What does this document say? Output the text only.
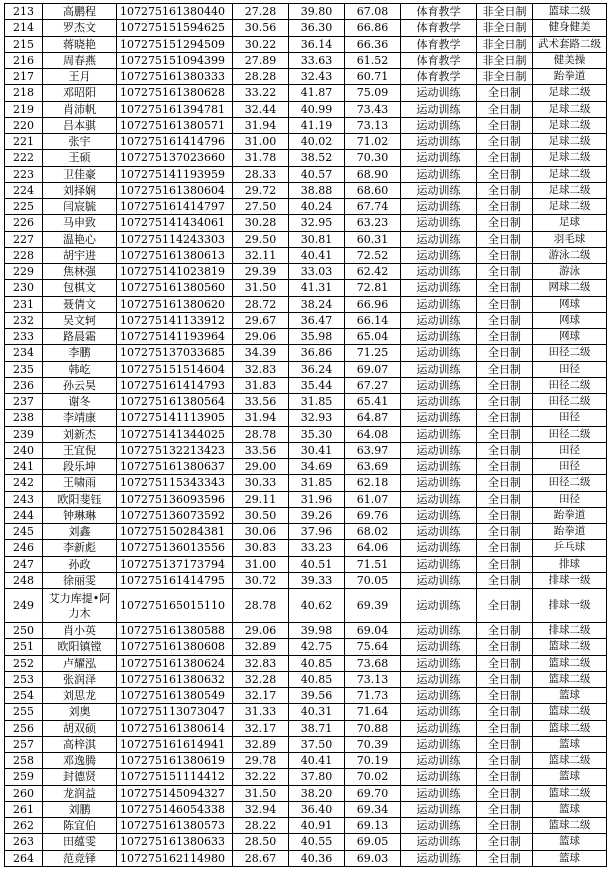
213	高鹏程	107275161380440	27.28	39.80	67.08	体育教学	非全日制	篮球二级
214	罗杰文	107275151594625	30.56	36.30	66.86	体育教学	非全日制	健身健美
215	蒋晓艳	107275151294509	30.22	36.14	66.36	体育教学	非全日制	武术套路二级
216	周春燕	107275151094399	27.89	33.63	61.52	体育教学	非全日制	健美操
217	王月	107275161380333	28.28	32.43	60.71	体育教学	非全日制	跆拳道
218	邓昭阳	107275161380628	33.22	41.87	75.09	运动训练	全日制	足球二级
219	肖沛帆	107275161394781	32.44	40.99	73.43	运动训练	全日制	足球二级
220	吕本骐	107275161380571	31.94	41.19	73.13	运动训练	全日制	足球二级
221	张宇	107275161414796	31.00	40.02	71.02	运动训练	全日制	足球二级
222	王硕	107275137023660	31.78	38.52	70.30	运动训练	全日制	足球二级
223	卫佳豪	107275141193959	28.33	40.57	68.90	运动训练	全日制	足球二级
224	刘择娴	107275161380604	29.72	38.88	68.60	运动训练	全日制	足球二级
225	闫宸毓	107275161414797	27.50	40.24	67.74	运动训练	全日制	足球二级
226	马申致	107275141434061	30.28	32.95	63.23	运动训练	全日制	足球
227	温艳心	107275114243303	29.50	30.81	60.31	运动训练	全日制	羽毛球
228	胡宇进	107275161380613	32.11	40.41	72.52	运动训练	全日制	游泳二级
229	焦林强	107275141023819	29.39	33.03	62.42	运动训练	全日制	游泳
230	包棋文	107275161380560	31.50	41.31	72.81	运动训练	全日制	网球二级
231	聂倩文	107275161380620	28.72	38.24	66.96	运动训练	全日制	网球
232	吴文轲	107275141133912	29.67	36.47	66.14	运动训练	全日制	网球
233	路晨霜	107275141193964	29.06	35.98	65.04	运动训练	全日制	网球
234	李鹏	107275137033685	34.39	36.86	71.25	运动训练	全日制	田径二级
235	韩屹	107275151514604	32.83	36.24	69.07	运动训练	全日制	田径
236	孙云昊	107275161414793	31.83	35.44	67.27	运动训练	全日制	田径二级
237	谢冬	107275161380564	33.56	31.85	65.41	运动训练	全日制	田径二级
238	李靖康	107275141113905	31.94	32.93	64.87	运动训练	全日制	田径
239	刘新杰	107275141344025	28.78	35.30	64.08	运动训练	全日制	田径二级
240	王宜倪	107275132213423	33.56	30.41	63.97	运动训练	全日制	田径
241	段乐坤	107275161380637	29.00	34.69	63.69	运动训练	全日制	田径
242	王啸雨	107275115343343	30.33	31.85	62.18	运动训练	全日制	田径二级
243	欧阳斐钰	107275136093596	29.11	31.96	61.07	运动训练	全日制	田径
244	钟琳琳	107275136073592	30.50	39.26	69.76	运动训练	全日制	跆拳道
245	刘鑫	107275150284381	30.06	37.96	68.02	运动训练	全日制	跆拳道
246	李新彪	107275136013556	30.83	33.23	64.06	运动训练	全日制	乒乓球
247	孙政	107275137173794	31.00	40.51	71.51	运动训练	全日制	排球
248	徐丽雯	107275161414795	30.72	39.33	70.05	运动训练	全日制	排球一级
249	艾力库提•阿力木	107275165015110	28.78	40.62	69.39	运动训练	全日制	排球一级
250	肖小英	107275161380588	29.06	39.98	69.04	运动训练	全日制	排球二级
251	欧阳镇镗	107275161380608	32.89	42.75	75.64	运动训练	全日制	篮球二级
252	卢耀泓	107275161380624	32.83	40.85	73.68	运动训练	全日制	篮球二级
253	张润泽	107275161380632	32.28	40.85	73.13	运动训练	全日制	篮球二级
254	刘思龙	107275161380549	32.17	39.56	71.73	运动训练	全日制	篮球
255	刘奥	107275113073047	31.33	40.31	71.64	运动训练	全日制	篮球二级
256	胡双硕	107275161380614	32.17	38.71	70.88	运动训练	全日制	篮球二级
257	高梓淇	107275161614941	32.89	37.50	70.39	运动训练	全日制	篮球
258	邓逸腾	107275161380619	29.78	40.41	70.19	运动训练	全日制	篮球二级
259	封德贤	107275151114412	32.22	37.80	70.02	运动训练	全日制	篮球
260	龙润益	107275145094327	31.50	38.20	69.70	运动训练	全日制	篮球二级
261	刘鹏	107275146054338	32.94	36.40	69.34	运动训练	全日制	篮球
262	陈宜伯	107275161380573	28.22	40.91	69.13	运动训练	全日制	篮球二级
263	田蕴雯	107275161380633	28.50	40.55	69.05	运动训练	全日制	篮球
264	范竞铎	107275162114980	28.67	40.36	69.03	运动训练	全日制	篮球
